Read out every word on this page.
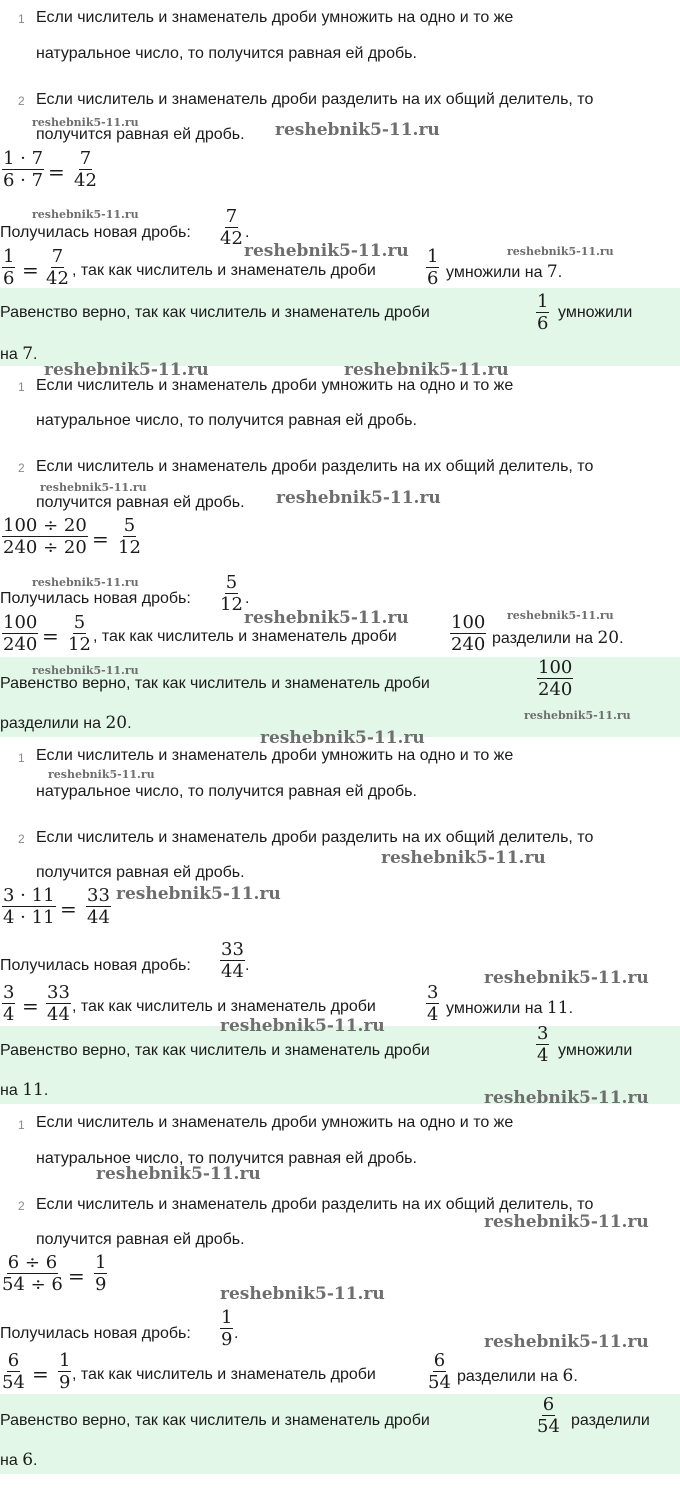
1 Если числитель и знаменатель дроби умножить на одно и то же
натуральное число, то получится равная ей дробь.
2 Если числитель и знаменатель дроби разделить на их общий делитель, то
получится равная ей дробь.
$\frac{1 \cdot 7}{6 \cdot 7} = \frac{7}{42}$
Получилась новая дробь: $\frac{7}{42}$ .
$\frac{1}{6} = \frac{7}{42}$ , так как числитель и знаменатель дроби	$\frac{1}{6}$ умножили на 7.
Равенство верно, так как числитель и знаменатель дроби	$\frac{1}{6}$ умножили
на 7.
1 Если числитель и знаменатель дроби умножить на одно и то же
натуральное число, то получится равная ей дробь.
2 Если числитель и знаменатель дроби разделить на их общий делитель, то
получится равная ей дробь.
$\frac{100 \div 20}{240 \div 20} = \frac{5}{12}$
Получилась новая дробь: $\frac{5}{12}$ .
$\frac{100}{240} = \frac{5}{12}$ , так как числитель и знаменатель дроби	$\frac{100}{240}$ разделили на 20.
Равенство верно, так как числитель и знаменатель дроби	$\frac{100}{240}$
разделили на 20.
1 Если числитель и знаменатель дроби умножить на одно и то же
натуральное число, то получится равная ей дробь.
2 Если числитель и знаменатель дроби разделить на их общий делитель, то
получится равная ей дробь.
$\frac{3 \cdot 11}{4 \cdot 11} = \frac{33}{44}$
Получилась новая дробь: $\frac{33}{44}$ .
$\frac{3}{4} = \frac{33}{44}$ , так как числитель и знаменатель дроби	$\frac{3}{4}$ умножили на 11.
Равенство верно, так как числитель и знаменатель дроби	$\frac{3}{4}$ умножили
на 11.
1 Если числитель и знаменатель дроби умножить на одно и то же
натуральное число, то получится равная ей дробь.
2 Если числитель и знаменатель дроби разделить на их общий делитель, то
получится равная ей дробь.
$\frac{6 \div 6}{54 \div 6} = \frac{1}{9}$
Получилась новая дробь: $\frac{1}{9}$ .
$\frac{6}{54} = \frac{1}{9}$ , так как числитель и знаменатель дроби	$\frac{6}{54}$ разделили на 6.
Равенство верно, так как числитель и знаменатель дроби	$\frac{6}{54}$ разделили
на 6.
reshebnik5-11.ru	reshebnik5-11.ru
reshebnik5-11.ru
reshebnik5-11.ru	reshebnik5-11.ru
reshebnik5-11.ru	reshebnik5-11.ru
reshebnik5-11.ru
reshebnik5-11.ru
reshebnik5-11.ru
reshebnik5-11.ru	reshebnik5-11.ru
reshebnik5-11.ru
reshebnik5-11.ru
reshebnik5-11.ru
reshebnik5-11.ru
reshebnik5-11.ru
reshebnik5-11.ru
reshebnik5-11.ru
reshebnik5-11.ru
reshebnik5-11.ru
reshebnik5-11.ru
reshebnik5-11.ru
reshebnik5-11.ru
reshebnik5-11.ru
